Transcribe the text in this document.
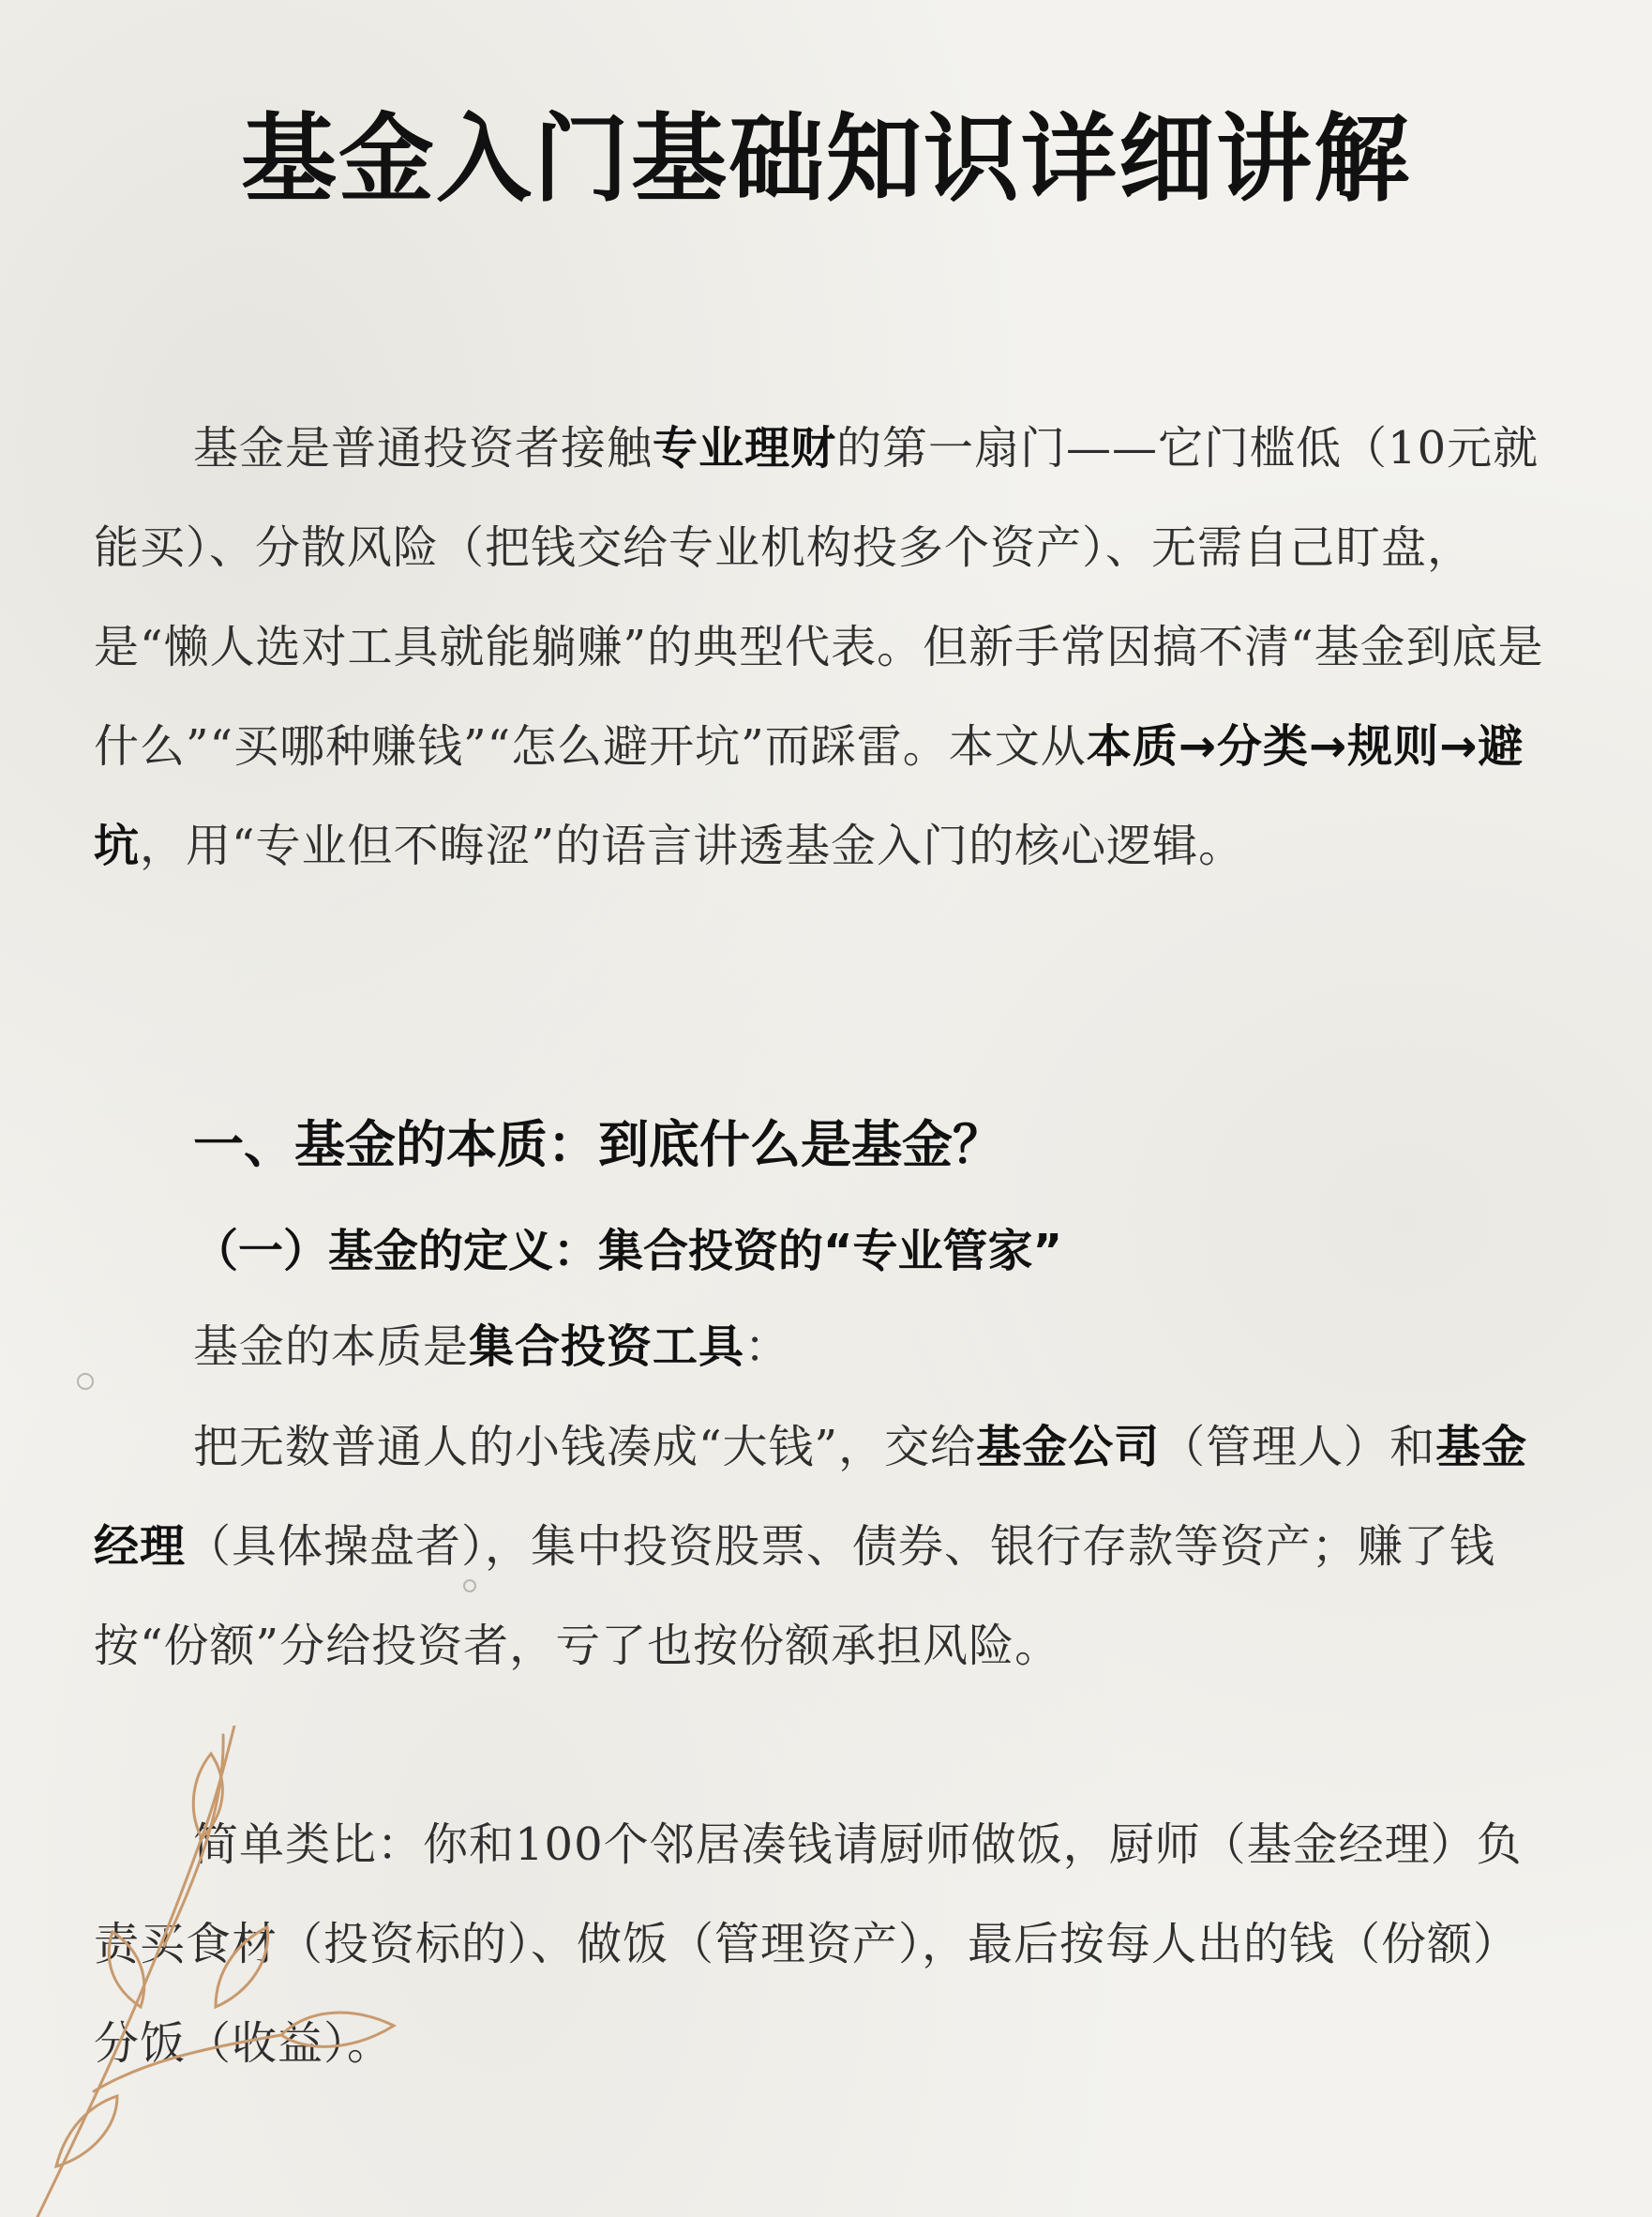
基金入门基础知识详细讲解

基金是普通投资者接触专业理财的第一扇门——它门槛低（10元就能买）、分散风险（把钱交给专业机构投多个资产）、无需自己盯盘，是“懒人选对工具就能躺赚”的典型代表。但新手常因搞不清“基金到底是什么”“买哪种赚钱”“怎么避开坑”而踩雷。本文从本质→分类→规则→避坑，用“专业但不晦涩”的语言讲透基金入门的核心逻辑。

一、基金的本质：到底什么是基金？
（一）基金的定义：集合投资的“专业管家”

基金的本质是集合投资工具：

把无数普通人的小钱凑成“大钱”，交给基金公司（管理人）和基金经理（具体操盘者），集中投资股票、债券、银行存款等资产；赚了钱按“份额”分给投资者，亏了也按份额承担风险。

简单类比：你和100个邻居凑钱请厨师做饭，厨师（基金经理）负责买食材（投资标的）、做饭（管理资产），最后按每人出的钱（份额）分饭（收益）。
